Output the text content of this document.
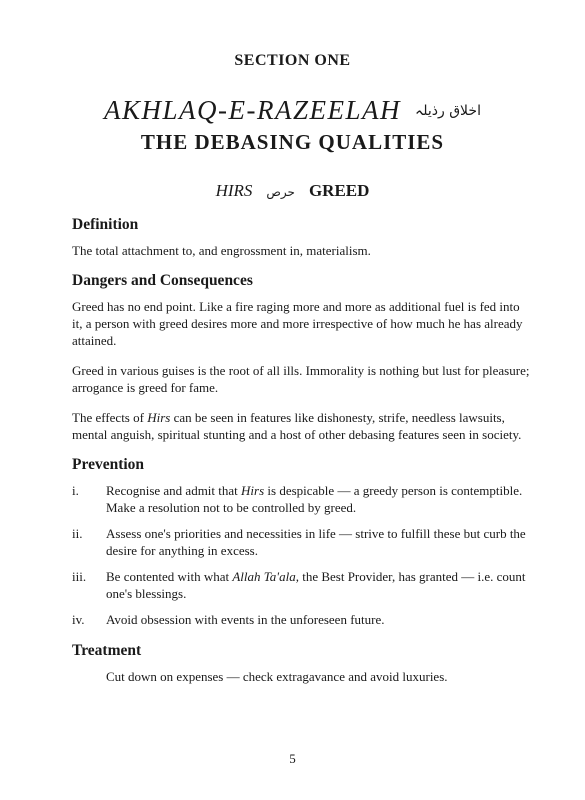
SECTION ONE
AKHLAQ-E-RAZEELAH اخلاق رذیلہ
THE DEBASING QUALITIES
HIRS حرص GREED
Definition
The total attachment to, and engrossment in, materialism.
Dangers and Consequences
Greed has no end point. Like a fire raging more and more as additional fuel is fed into it, a person with greed desires more and more irrespective of how much he has already attained.
Greed in various guises is the root of all ills. Immorality is nothing but lust for pleasure; arrogance is greed for fame.
The effects of Hirs can be seen in features like dishonesty, strife, needless lawsuits, mental anguish, spiritual stunting and a host of other debasing features seen in society.
Prevention
i.	Recognise and admit that Hirs is despicable — a greedy person is contemptible. Make a resolution not to be controlled by greed.
ii.	Assess one's priorities and necessities in life — strive to fulfill these but curb the desire for anything in excess.
iii.	Be contented with what Allah Ta'ala, the Best Provider, has granted — i.e. count one's blessings.
iv.	Avoid obsession with events in the unforeseen future.
Treatment
Cut down on expenses — check extragavance and avoid luxuries.
5
